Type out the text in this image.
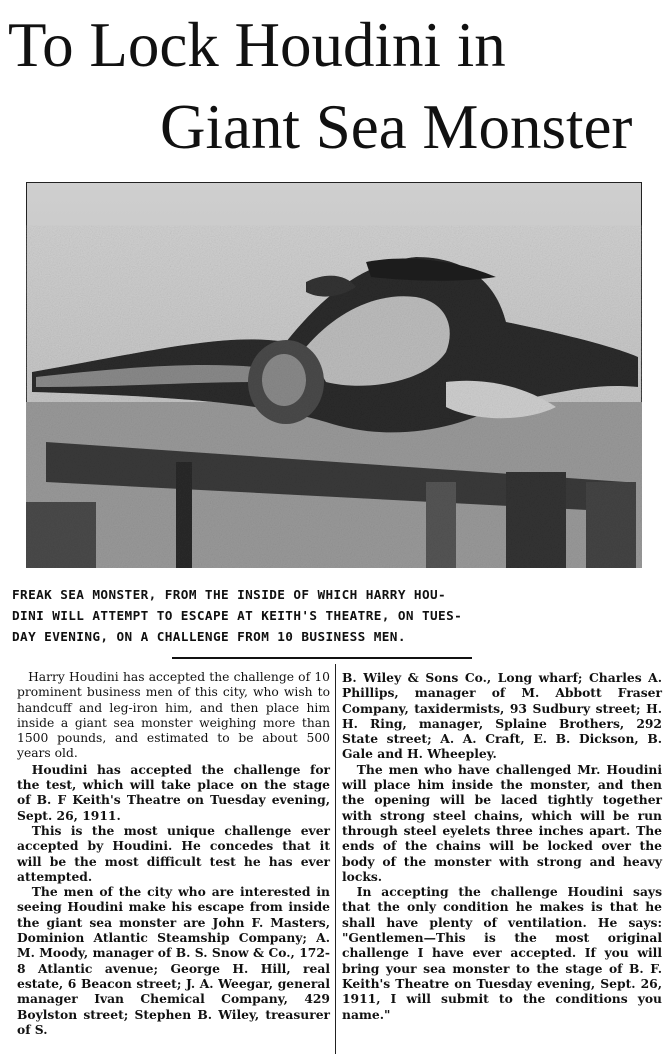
To Lock Houdini in
Giant Sea Monster
FREAK SEA MONSTER, FROM THE INSIDE OF WHICH HARRY HOU-
DINI WILL ATTEMPT TO ESCAPE AT KEITH'S THEATRE, ON TUES-
DAY EVENING, ON A CHALLENGE FROM 10 BUSINESS MEN.

Harry Houdini has accepted the challenge of 10 prominent business men of this city, who wish to handcuff and leg-iron him, and then place him inside a giant sea monster weighing more than 1500 pounds, and estimated to be about 500 years old.

Houdini has accepted the challenge for the test, which will take place on the stage of B. F Keith's Theatre on Tuesday evening, Sept. 26, 1911.

This is the most unique challenge ever accepted by Houdini. He concedes that it will be the most difficult test he has ever attempted.

The men of the city who are interested in seeing Houdini make his escape from inside the giant sea monster are John F. Masters, Dominion Atlantic Steamship Company; A. M. Moody, manager of B. S. Snow & Co., 172-8 Atlantic avenue; George H. Hill, real estate, 6 Beacon street; J. A. Weegar, general manager Ivan Chemical Company, 429 Boylston street; Stephen B. Wiley, treasurer of S.

B. Wiley & Sons Co., Long wharf; Charles A. Phillips, manager of M. Abbott Fraser Company, taxidermists, 93 Sudbury street; H. H. Ring, manager, Splaine Brothers, 292 State street; A. A. Craft, E. B. Dickson, B. Gale and H. Wheepley.

The men who have challenged Mr. Houdini will place him inside the monster, and then the opening will be laced tightly together with strong steel chains, which will be run through steel eyelets three inches apart. The ends of the chains will be locked over the body of the monster with strong and heavy locks.

In accepting the challenge Houdini says that the only condition he makes is that he shall have plenty of ventilation. He says: "Gentlemen—This is the most original challenge I have ever accepted. If you will bring your sea monster to the stage of B. F. Keith's Theatre on Tuesday evening, Sept. 26, 1911, I will submit to the conditions you name."
